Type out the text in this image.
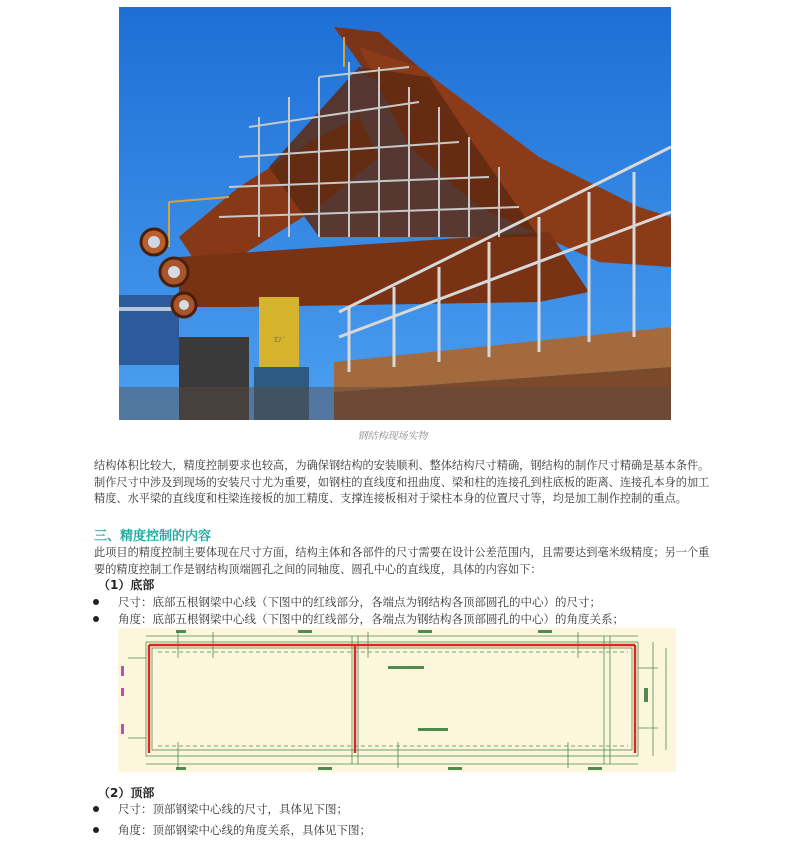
工厂
钢结构现场实物
结构体积比较大，精度控制要求也较高，为确保钢结构的安装顺利、整体结构尺寸精确，钢结构的制作尺寸精确是基本条件。制作尺寸中涉及到现场的安装尺寸尤为重要，如钢柱的直线度和扭曲度、梁和柱的连接孔到柱底板的距离、连接孔本身的加工精度、水平梁的直线度和柱梁连接板的加工精度、支撑连接板相对于梁柱本身的位置尺寸等，均是加工制作控制的重点。
三、精度控制的内容
此项目的精度控制主要体现在尺寸方面，结构主体和各部件的尺寸需要在设计公差范围内，且需要达到毫米级精度；另一个重要的精度控制工作是钢结构顶端圆孔之间的同轴度、圆孔中心的直线度，具体的内容如下：
（1）底部
尺寸：底部五根钢梁中心线（下图中的红线部分，各端点为钢结构各顶部圆孔的中心）的尺寸；
角度：底部五根钢梁中心线（下图中的红线部分，各端点为钢结构各顶部圆孔的中心）的角度关系；
（2）顶部
尺寸：顶部钢梁中心线的尺寸，具体见下图；
角度：顶部钢梁中心线的角度关系，具体见下图；
